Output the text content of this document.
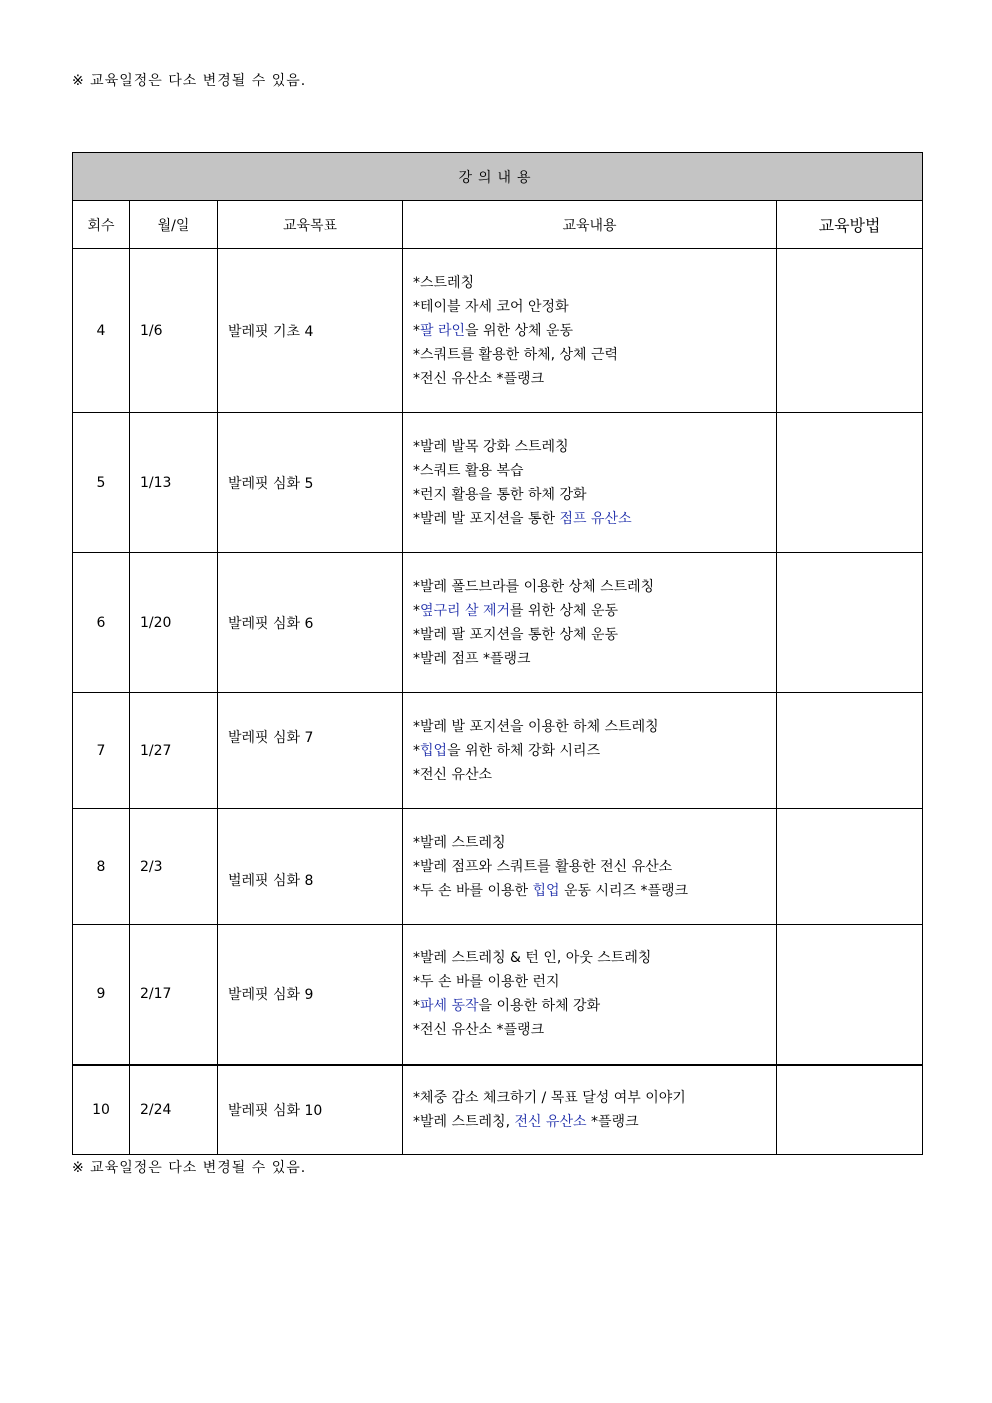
※ 교육일정은 다소 변경될 수 있음.
강의내용				
회수	월/일	교육목표	교육내용	교육방법
4	1/6	발레핏 기초 4	*스트레칭
*테이블 자세 코어 안정화
*팔 라인을 위한 상체 운동
*스쿼트를 활용한 하체, 상체 근력
*전신 유산소 *플랭크	

5	1/13	발레핏 심화 5	*발레 발목 강화 스트레칭
*스쿼트 활용 복습
*런지 활용을 통한 하체 강화
*발레 발 포지션을 통한 점프 유산소	

6	1/20	발레핏 심화 6	*발레 폴드브라를 이용한 상체 스트레칭
*옆구리 살 제거를 위한 상체 운동
*발레 팔 포지션을 통한 상체 운동
*발레 점프 *플랭크	

7	1/27	발레핏 심화 7	*발레 발 포지션을 이용한 하체 스트레칭
*힙업을 위한 하체 강화 시리즈
*전신 유산소	

8	2/3	벌레핏 심화 8	*발레 스트레칭
*발레 점프와 스쿼트를 활용한 전신 유산소
*두 손 바를 이용한 힙업 운동 시리즈 *플랭크	

9	2/17	발레핏 심화 9	*발레 스트레칭 & 턴 인, 아웃 스트레칭
*두 손 바를 이용한 런지
*파세 동작을 이용한 하체 강화
*전신 유산소 *플랭크	

10	2/24	발레핏 심화 10	*체중 감소 체크하기 / 목표 달성 여부 이야기
*발레 스트레칭, 전신 유산소 *플랭크	

※ 교육일정은 다소 변경될 수 있음.
